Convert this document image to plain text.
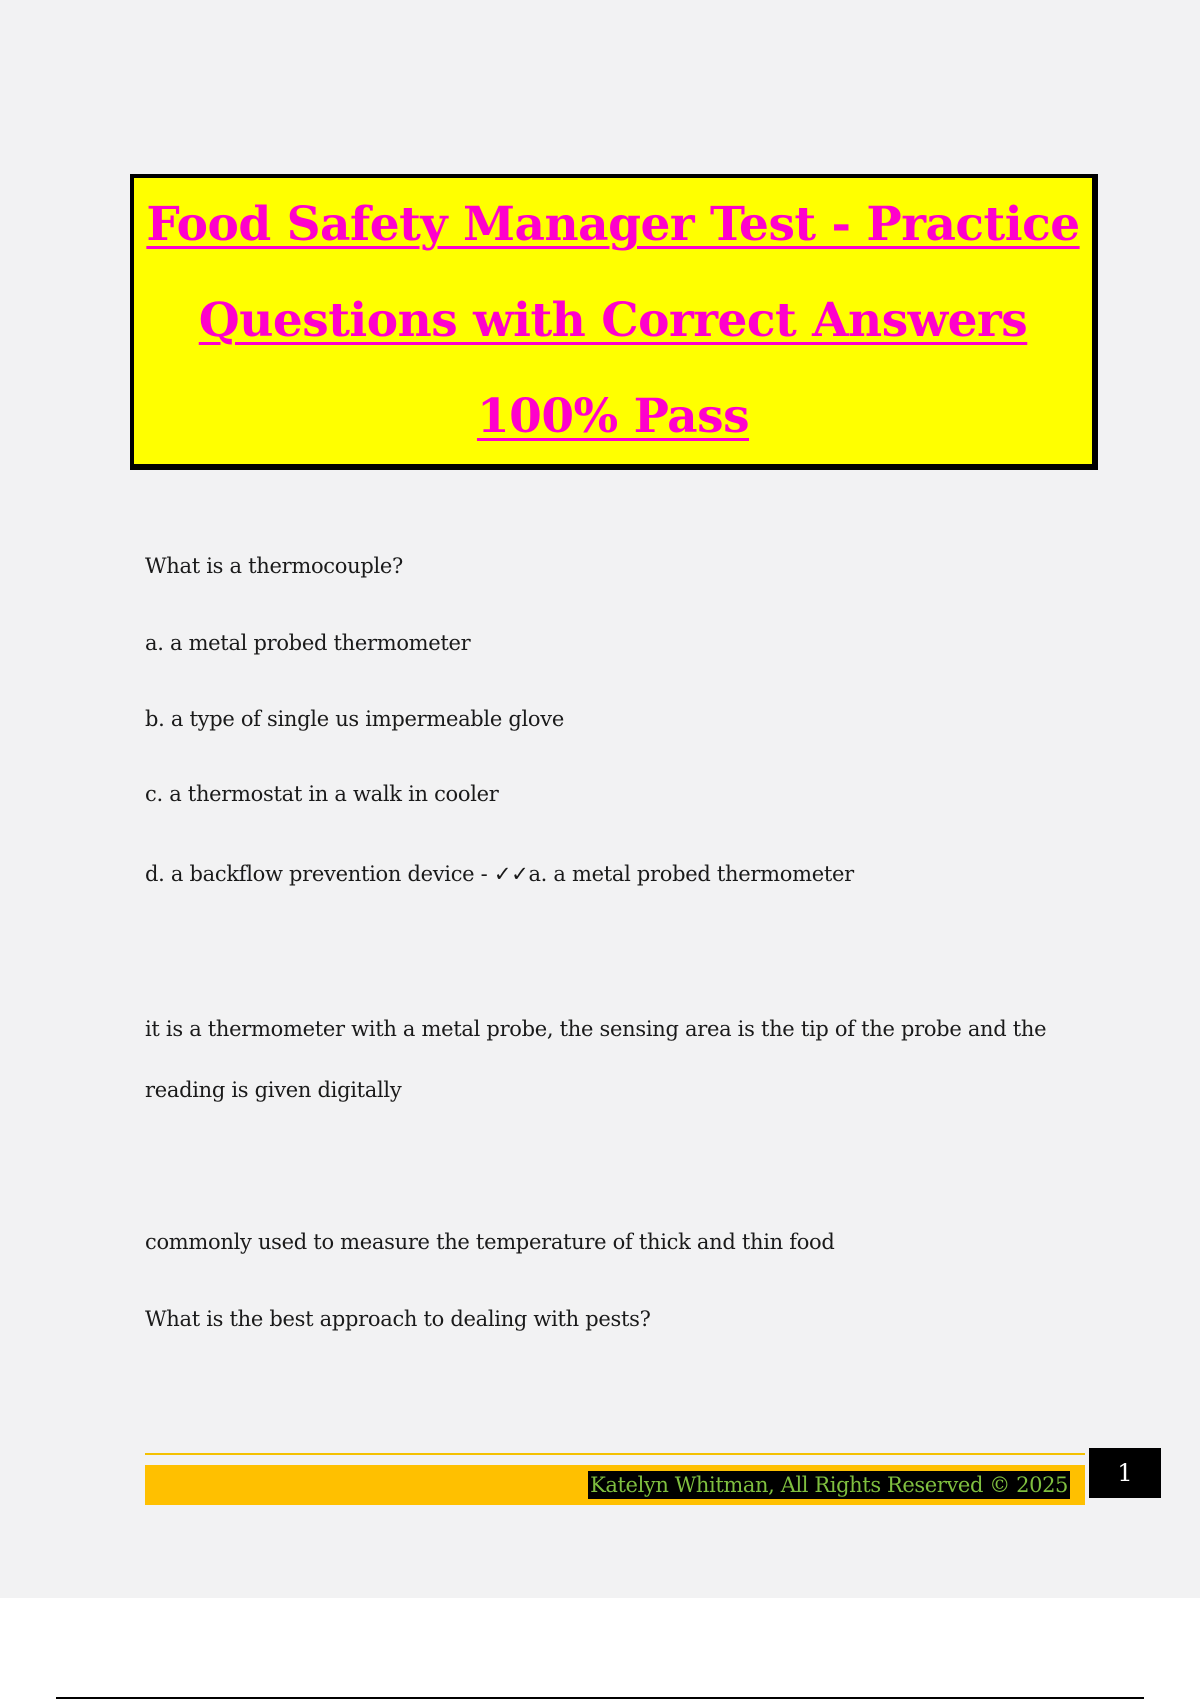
Food Safety Manager Test - Practice Questions with Correct Answers 100% Pass

What is a thermocouple?

a. a metal probed thermometer

b. a type of single us impermeable glove

c. a thermostat in a walk in cooler

d. a backflow prevention device - ✓✓a. a metal probed thermometer

it is a thermometer with a metal probe, the sensing area is the tip of the probe and the reading is given digitally

commonly used to measure the temperature of thick and thin food

What is the best approach to dealing with pests?

Katelyn Whitman, All Rights Reserved © 2025	1
